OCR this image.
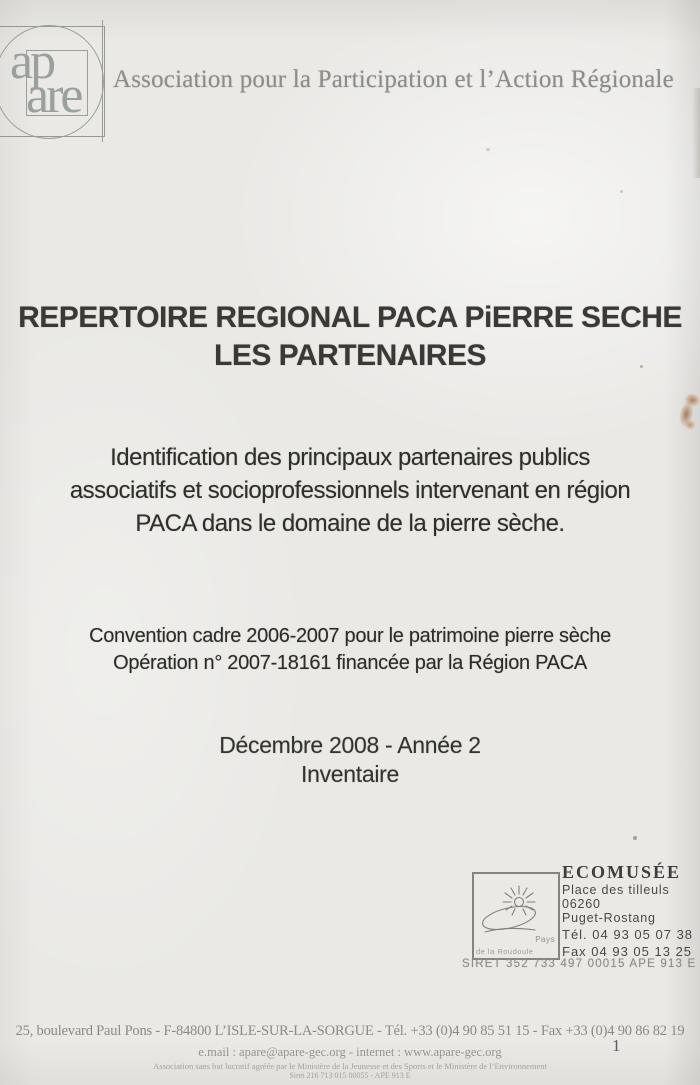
ap
are Association pour la Participation et l’Action Régionale
REPERTOIRE REGIONAL PACA PiERRE SECHE
LES PARTENAIRES
Identification des principaux partenaires publics
associatifs et socioprofessionnels intervenant en région
PACA dans le domaine de la pierre sèche.
Convention cadre 2006-2007 pour le patrimoine pierre sèche
Opération n° 2007-18161 financée par la Région PACA
Décembre 2008 - Année 2
Inventaire
Pays
de la Roudoule
ECOMUSÉE
Place des tilleuls
06260
Puget-Rostang
Tél. 04 93 05 07 38
Fax 04 93 05 13 25
SIRET 352 733 497 00015 APE 913 E
25, boulevard Paul Pons - F-84800 L’ISLE-SUR-LA-SORGUE - Tél. +33 (0)4 90 85 51 15 - Fax +33 (0)4 90 86 82 19
e.mail : apare@apare-gec.org - internet : www.apare-gec.org	1
Association sans but lucratif agréée par le Ministère de la Jeunesse et des Sports et le Ministère de l’Environnement
Siret 216 713 015 00055 - APE 913 E
